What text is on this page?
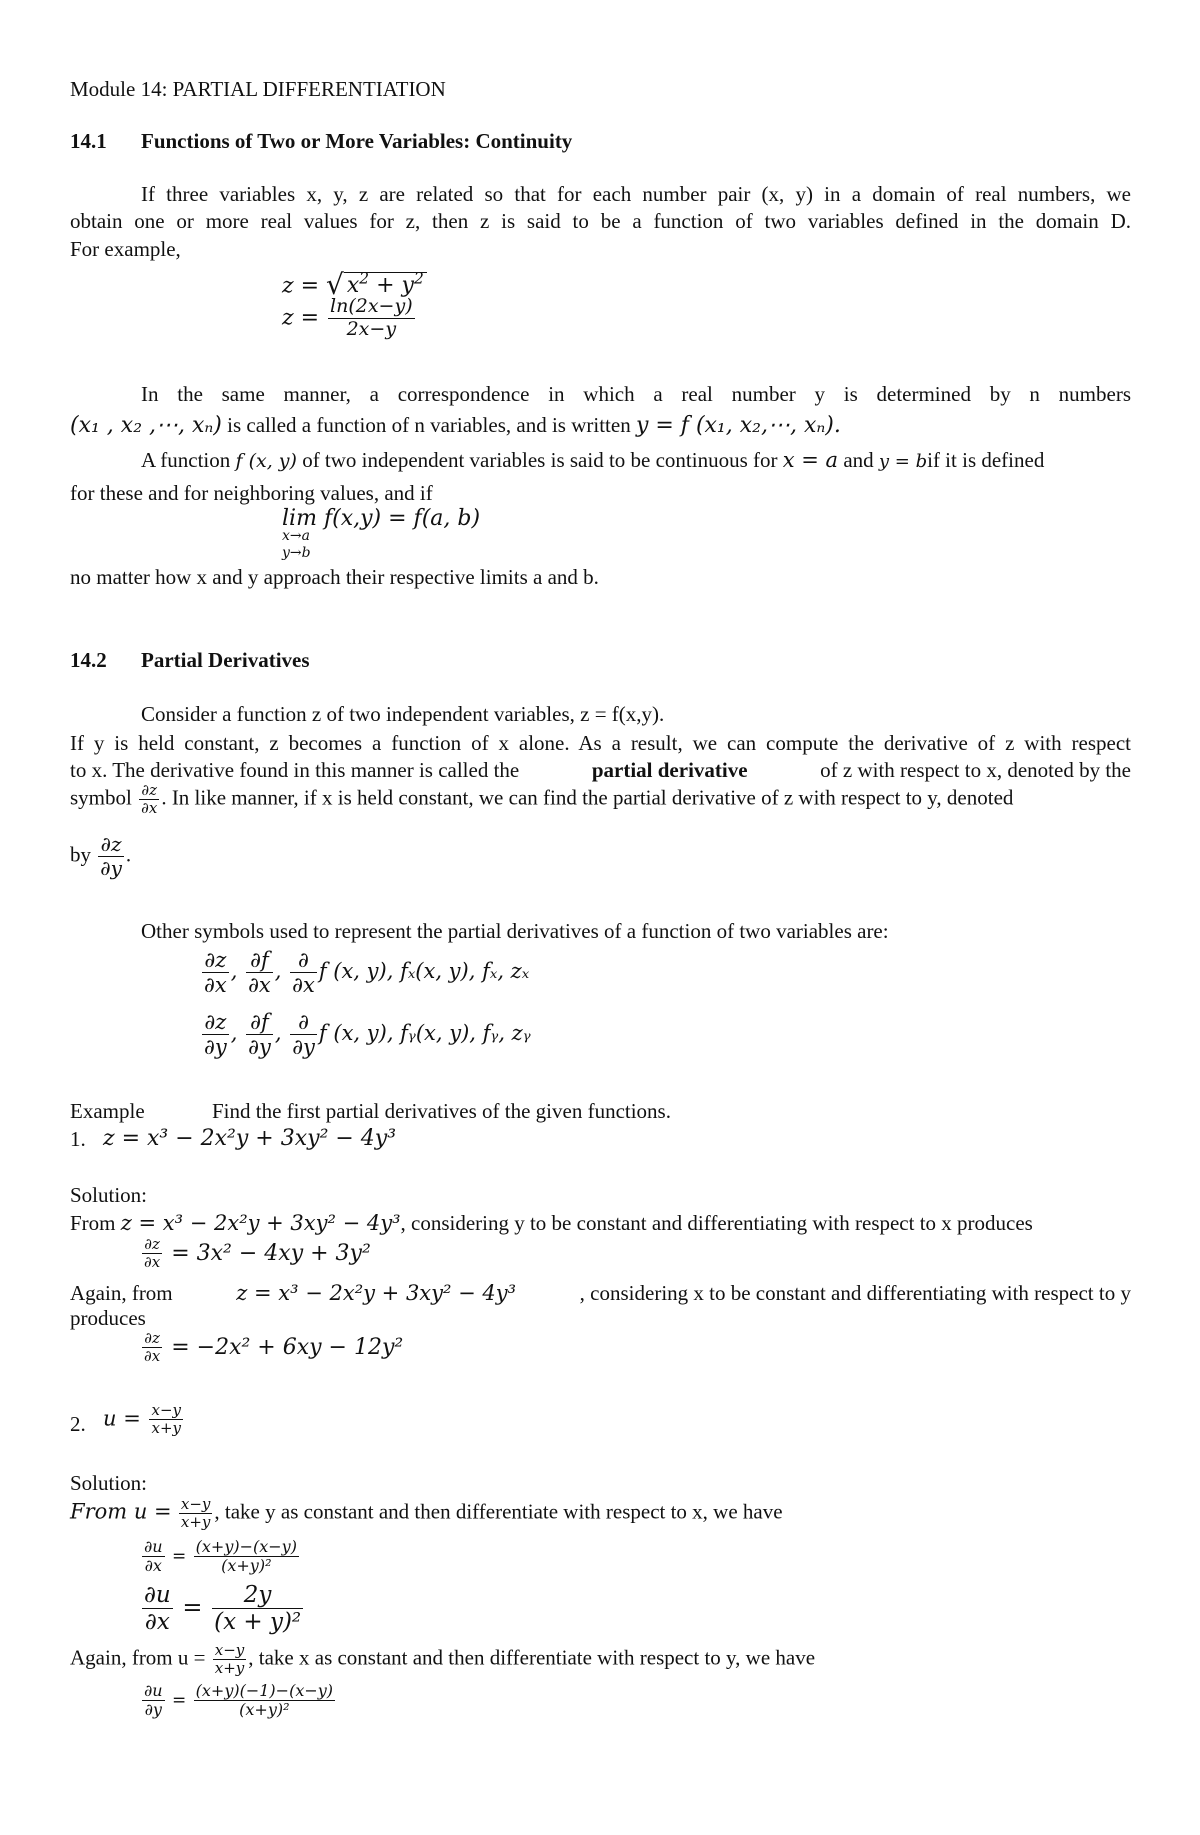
Module 14: PARTIAL DIFFERENTIATION
14.1 Functions of Two or More Variables: Continuity
If three variables x, y, z are related so that for each number pair (x, y) in a domain of real numbers, we
obtain one or more real values for z, then z is said to be a function of two variables defined in the domain D.
For example,
z = √ $x^2 + y^2$
$z = \frac{\ln(2x-y)}{2x-y}$
In the same manner, a correspondence in which a real number y is determined by n numbers
(x₁ , x₂ ,⋯, xₙ) is called a function of n variables, and is written y = f (x₁, x₂,⋯, xₙ).
A function f (x, y) of two independent variables is said to be continuous for x = a and y = bif it is defined
for these and for neighboring values, and if
lim
x→a
y→b
f(x,y) = f(a, b)
no matter how x and y approach their respective limits a and b.
14.2 Partial Derivatives
Consider a function z of two independent variables, z = f(x,y).
If y is held constant, z becomes a function of x alone. As a result, we can compute the derivative of z with respect
to x. The derivative found in this manner is called the	partial derivative	of z with respect to x, denoted by the
symbol $\frac{\partial z}{\partial x}$ . In like manner, if x is held constant, we can find the partial derivative of z with respect to y, denoted
by $\frac{\partial z}{\partial y}$ .
Other symbols used to represent the partial derivatives of a function of two variables are:
$\frac{\partial z}{\partial x}$ , $\frac{\partial f}{\partial x}$ , $\frac{\partial}{\partial x}$ f (x, y), fₓ(x, y), fₓ, zₓ
$\frac{\partial z}{\partial y}$ , $\frac{\partial f}{\partial y}$ , $\frac{\partial}{\partial y}$ f (x, y), fᵧ(x, y), fᵧ, zᵧ
Example	Find the first partial derivatives of the given functions.
1. z = x³ − 2x²y + 3xy² − 4y³
Solution:
From z = x³ − 2x²y + 3xy² − 4y³, considering y to be constant and differentiating with respect to x produces
$\frac{\partial z}{\partial x} = 3x^2 - 4xy + 3y^2$
Again, from	z = x³ − 2x²y + 3xy² − 4y³	, considering x to be constant and differentiating with respect to y
produces
$\frac{\partial z}{\partial x} = -2x^2 + 6xy - 12y^2$
2. $u = \frac{x-y}{x+y}$
Solution:
From $u = \frac{x-y}{x+y}$ , take y as constant and then differentiate with respect to x, we have
$\frac{\partial u}{\partial x} = \frac{(x+y)-(x-y)}{\text{(x+y)²}}$
$\frac{\partial u}{\partial x} = \frac{2y}{\text{(x + y)²}}$
Again, from $u = \frac{x-y}{x+y}$ , take x as constant and then differentiate with respect to y, we have
$\frac{\partial u}{\partial y} = \frac{(x+y)(-1)-(x-y)}{\text{(x+y)²}}$
